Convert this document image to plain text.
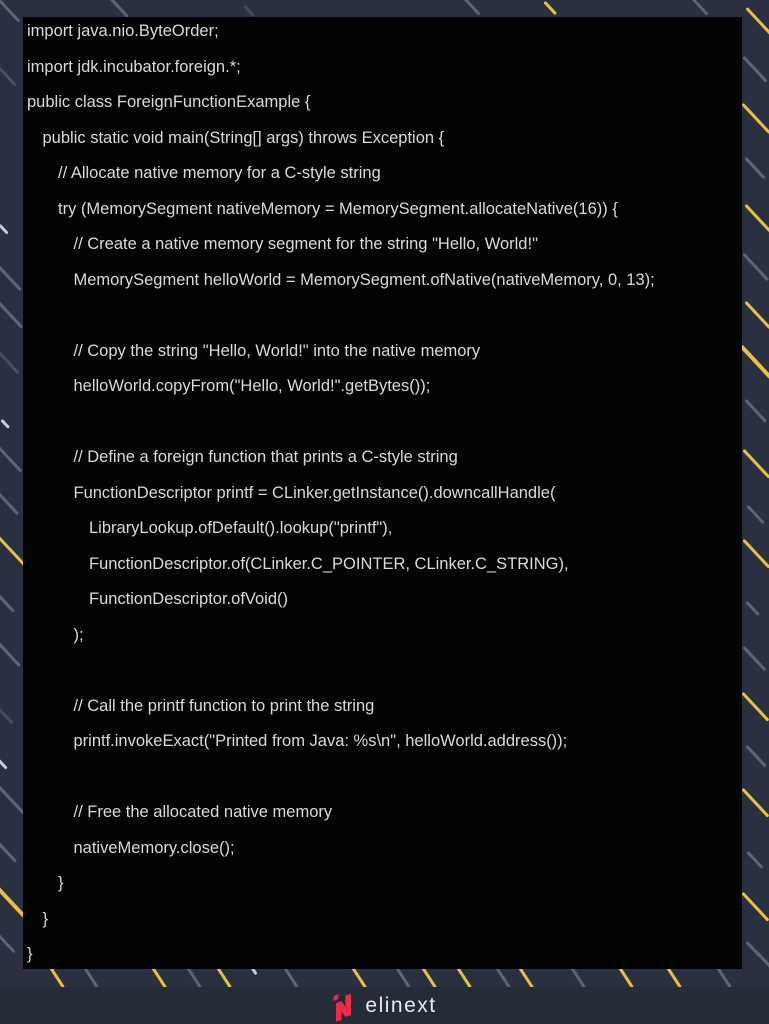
import java.nio.ByteOrder;
import jdk.incubator.foreign.*;
public class ForeignFunctionExample {
public static void main(String[] args) throws Exception {
// Allocate native memory for a C-style string
try (MemorySegment nativeMemory = MemorySegment.allocateNative(16)) {
// Create a native memory segment for the string "Hello, World!"
MemorySegment helloWorld = MemorySegment.ofNative(nativeMemory, 0, 13);

// Copy the string "Hello, World!" into the native memory
helloWorld.copyFrom("Hello, World!".getBytes());

// Define a foreign function that prints a C-style string
FunctionDescriptor printf = CLinker.getInstance().downcallHandle(
LibraryLookup.ofDefault().lookup("printf"),
FunctionDescriptor.of(CLinker.C_POINTER, CLinker.C_STRING),
FunctionDescriptor.ofVoid()
);

// Call the printf function to print the string
printf.invokeExact("Printed from Java: %s\n", helloWorld.address());

// Free the allocated native memory
nativeMemory.close();
}
}
}
elinext
